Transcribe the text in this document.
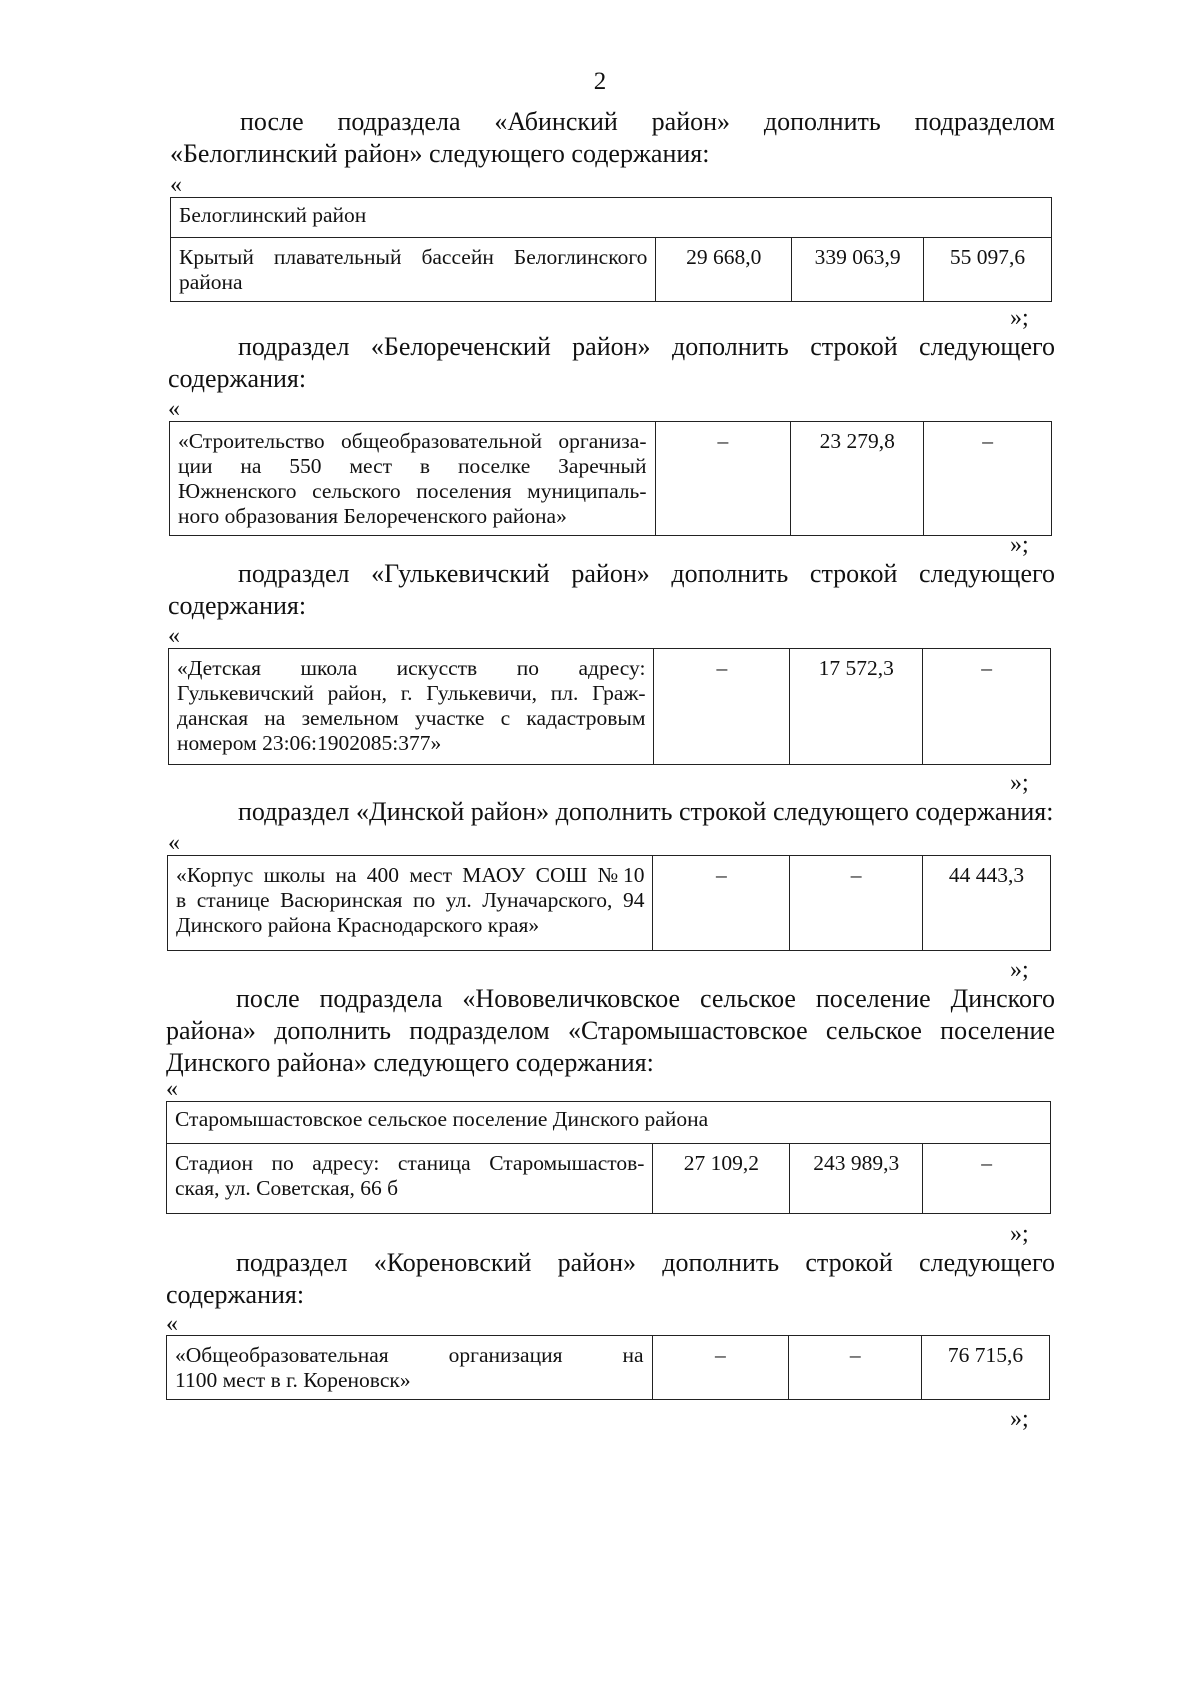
2
после подраздела «Абинский район» дополнить подразделом
«Белоглинский район» следующего содержания:
«
Белоглинский район
Крытый плавательный бассейн Белоглинского района	29 668,0	339 063,9	55 097,6
»;
подраздел «Белореченский район» дополнить строкой следующего
содержания:
«
«Строительство общеобразовательной организа-
ции на 550 мест в поселке Заречный
Южненского сельского поселения муниципаль-
ного образования Белореченского района»	–	23 279,8	–
»;
подраздел «Гулькевичский район» дополнить строкой следующего
содержания:
«
«Детская школа искусств по адресу:
Гулькевичский район, г. Гулькевичи, пл. Граж-
данская на земельном участке с кадастровым
номером 23:06:1902085:377»	–	17 572,3	–
»;
подраздел «Динской район» дополнить строкой следующего содержания:
«
«Корпус школы на 400 мест МАОУ СОШ №10
в станице Васюринская по ул. Луначарского, 94
Динского района Краснодарского края»	–	–	44 443,3
»;
после подраздела «Нововеличковское сельское поселение Динского
района» дополнить подразделом «Старомышастовское сельское поселение
Динского района» следующего содержания:
«
Старомышастовское сельское поселение Динского района

Стадион по адресу: станица Старомышастов-
ская, ул. Советская, 66 б	27 109,2	243 989,3	–
»;
подраздел «Кореновский район» дополнить строкой следующего
содержания:
«
«Общеобразовательная организация на
1100 мест в г. Кореновск»	–	–	76 715,6
»;
